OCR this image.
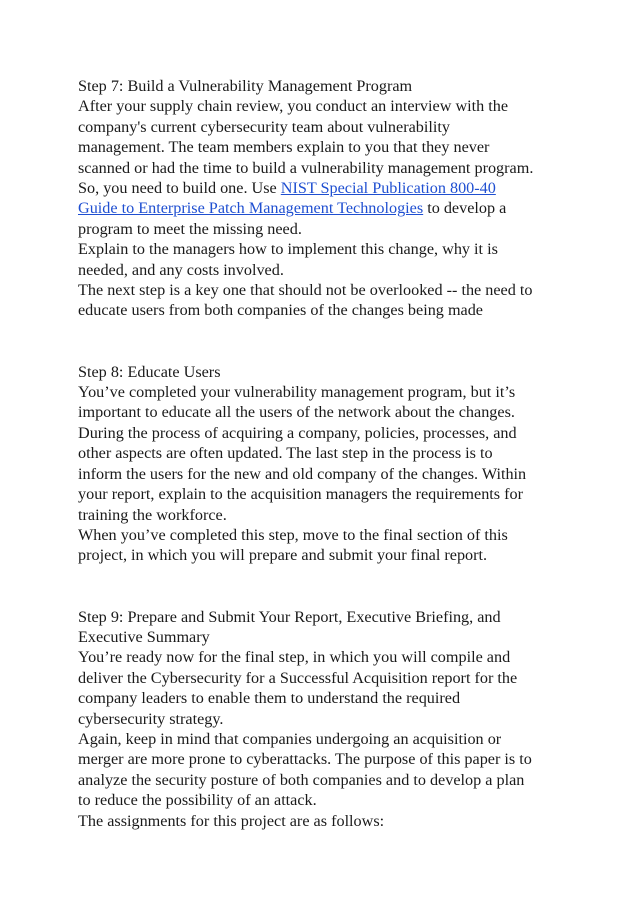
Step 7: Build a Vulnerability Management Program
After your supply chain review, you conduct an interview with the
company's current cybersecurity team about vulnerability
management. The team members explain to you that they never
scanned or had the time to build a vulnerability management program.
So, you need to build one. Use NIST Special Publication 800-40
Guide to Enterprise Patch Management Technologies to develop a
program to meet the missing need.
Explain to the managers how to implement this change, why it is
needed, and any costs involved.
The next step is a key one that should not be overlooked -- the need to
educate users from both companies of the changes being made
Step 8: Educate Users
You’ve completed your vulnerability management program, but it’s
important to educate all the users of the network about the changes.
During the process of acquiring a company, policies, processes, and
other aspects are often updated. The last step in the process is to
inform the users for the new and old company of the changes. Within
your report, explain to the acquisition managers the requirements for
training the workforce.
When you’ve completed this step, move to the final section of this
project, in which you will prepare and submit your final report.
Step 9: Prepare and Submit Your Report, Executive Briefing, and
Executive Summary
You’re ready now for the final step, in which you will compile and
deliver the Cybersecurity for a Successful Acquisition report for the
company leaders to enable them to understand the required
cybersecurity strategy.
Again, keep in mind that companies undergoing an acquisition or
merger are more prone to cyberattacks. The purpose of this paper is to
analyze the security posture of both companies and to develop a plan
to reduce the possibility of an attack.
The assignments for this project are as follows:
